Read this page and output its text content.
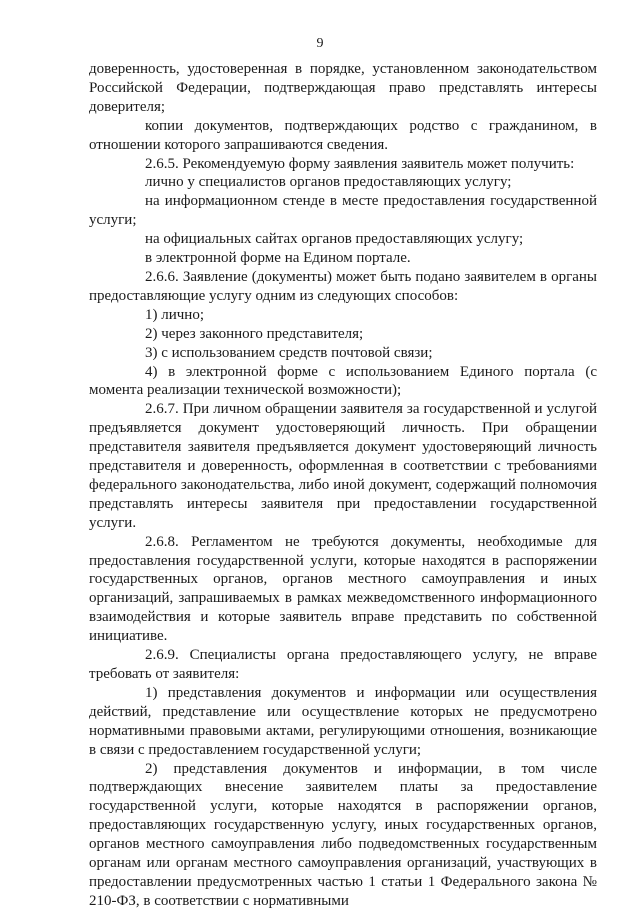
9

доверенность, удостоверенная в порядке, установленном законодательством Российской Федерации, подтверждающая право представлять интересы доверителя;

копии документов, подтверждающих родство с гражданином, в отношении которого запрашиваются сведения.

2.6.5. Рекомендуемую форму заявления заявитель может получить:

лично у специалистов органов предоставляющих услугу;

на информационном стенде в месте предоставления государственной услуги;

на официальных сайтах органов предоставляющих услугу;

в электронной форме на Едином портале.

2.6.6. Заявление (документы) может быть подано заявителем в органы предоставляющие услугу одним из следующих способов:

1) лично;

2) через законного представителя;

3) с использованием средств почтовой связи;

4) в электронной форме с использованием Единого портала (с момента реализации технической возможности);

2.6.7. При личном обращении заявителя за государственной и услугой предъявляется документ удостоверяющий личность. При обращении представителя заявителя предъявляется документ удостоверяющий личность представителя и доверенность, оформленная в соответствии с требованиями федерального законодательства, либо иной документ, содержащий полномочия представлять интересы заявителя при предоставлении государственной услуги.

2.6.8. Регламентом не требуются документы, необходимые для предоставления государственной услуги, которые находятся в распоряжении государственных органов, органов местного самоуправления и иных организаций, запрашиваемых в рамках межведомственного информационного взаимодействия и которые заявитель вправе представить по собственной инициативе.

2.6.9. Специалисты органа предоставляющего услугу, не вправе требовать от заявителя:

1) представления документов и информации или осуществления действий, представление или осуществление которых не предусмотрено нормативными правовыми актами, регулирующими отношения, возникающие в связи с предоставлением государственной услуги;

2) представления документов и информации, в том числе подтверждающих внесение заявителем платы за предоставление государственной услуги, которые находятся в распоряжении органов, предоставляющих государственную услугу, иных государственных органов, органов местного самоуправления либо подведомственных государственным органам или органам местного самоуправления организаций, участвующих в предоставлении предусмотренных частью 1 статьи 1 Федерального закона № 210-ФЗ, в соответствии с нормативными
